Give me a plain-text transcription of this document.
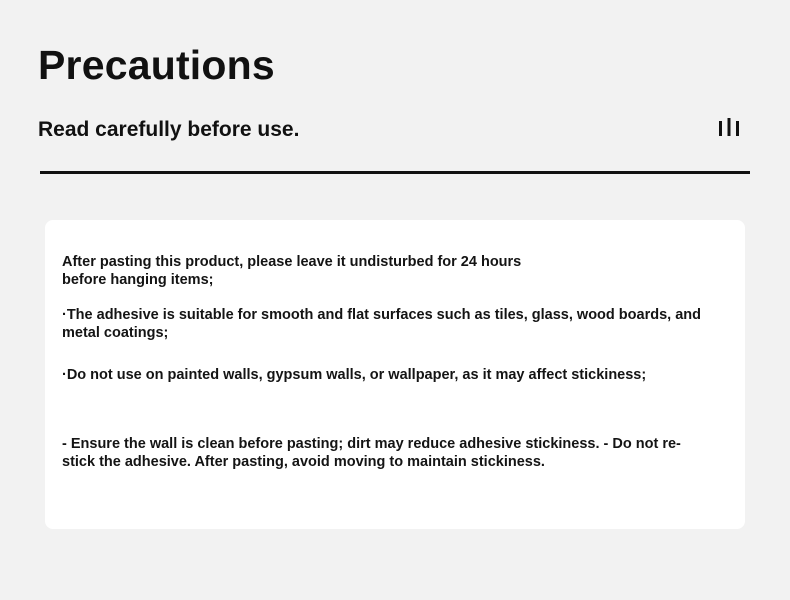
Precautions
Read carefully before use.

After pasting this product, please leave it undisturbed for 24 hours before hanging items;

·The adhesive is suitable for smooth and flat surfaces such as tiles, glass, wood boards, and metal coatings;

·Do not use on painted walls, gypsum walls, or wallpaper, as it may affect stickiness;

- Ensure the wall is clean before pasting; dirt may reduce adhesive stickiness. - Do not re-stick the adhesive. After pasting, avoid moving to maintain stickiness.
